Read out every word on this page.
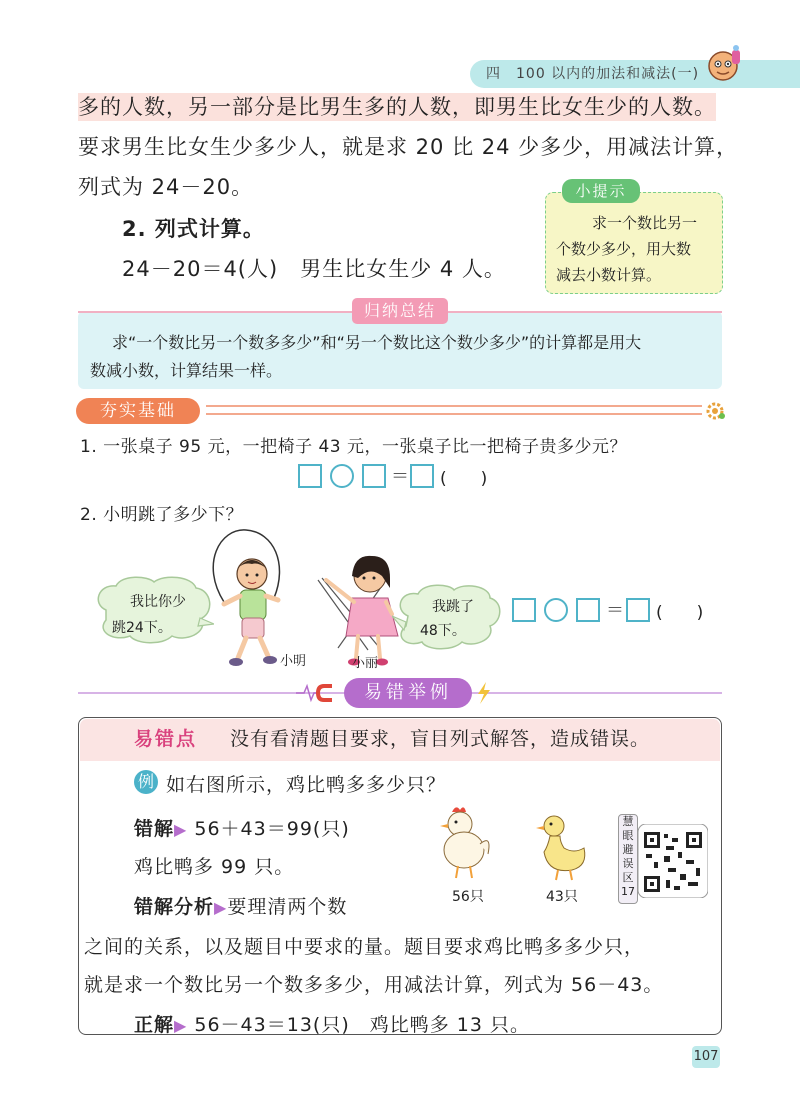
四　100 以内的加法和减法(一)
多的人数，另一部分是比男生多的人数，即男生比女生少的人数。
要求男生比女生少多少人，就是求 20 比 24 少多少，用减法计算，
列式为 24－20。
2. 列式计算。
24－20＝4(人)　男生比女生少 4 人。
小提示
求一个数比另一
个数少多少，用大数
减去小数计算。
归纳总结
求“一个数比另一个数多多少”和“另一个数比这个数少多少”的计算都是用大
数减小数，计算结果一样。
夯实基础
1. 一张桌子 95 元，一把椅子 43 元，一张桌子比一把椅子贵多少元？
＝ (　　)
2. 小明跳了多少下？
我比你少
跳24下。
小明	小丽
我跳了
48下。
＝ (　　)
易错举例
易错点 没有看清题目要求，盲目列式解答，造成错误。
例 如右图所示，鸡比鸭多多少只？
错解▶ 56＋43＝99(只)
鸡比鸭多 99 只。
错解分析▶要理清两个数
之间的关系，以及题目中要求的量。题目要求鸡比鸭多多少只，
就是求一个数比另一个数多多少，用减法计算，列式为 56－43。
正解▶ 56－43＝13(只)　鸡比鸭多 13 只。
56只	43只
慧
眼
避
误
区
17
107
